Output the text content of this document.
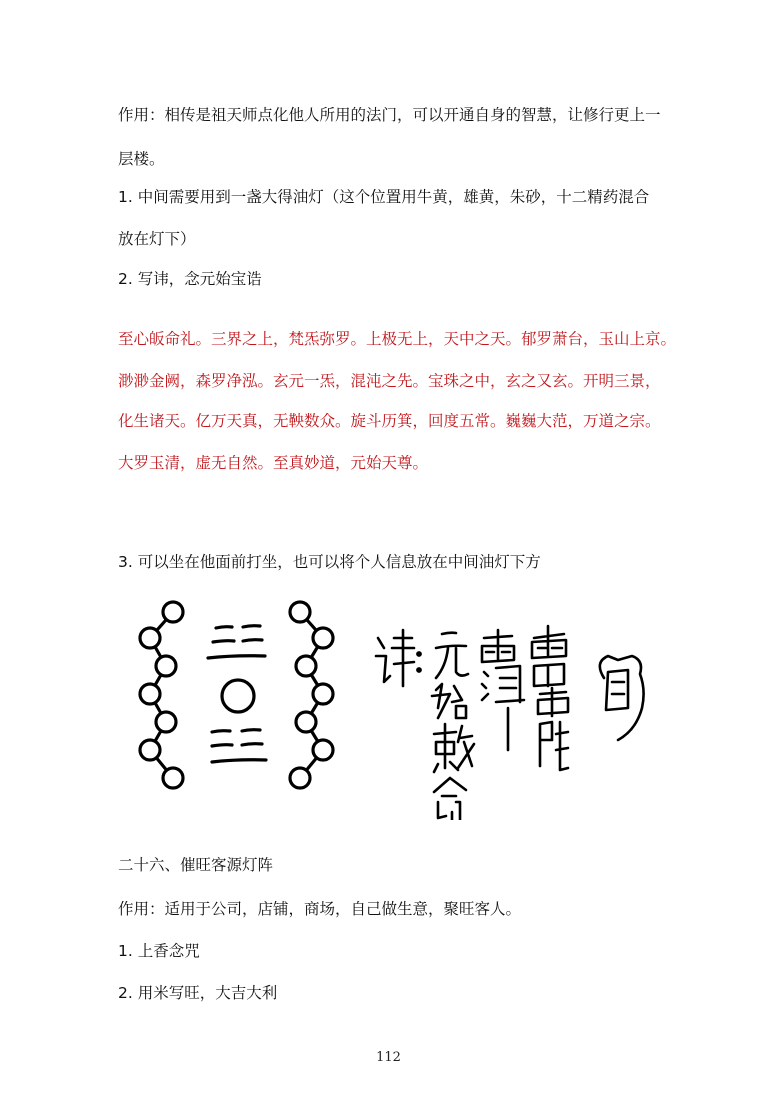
作用：相传是祖天师点化他人所用的法门，可以开通自身的智慧，让修行更上一

层楼。

1. 中间需要用到一盏大得油灯（这个位置用牛黄，雄黄，朱砂，十二精药混合

放在灯下）

2. 写讳，念元始宝诰

至心皈命礼。三界之上，梵炁弥罗。上极无上，天中之天。郁罗萧台，玉山上京。

渺渺金阙，森罗净泓。玄元一炁，混沌之先。宝珠之中，玄之又玄。开明三景，

化生诸天。亿万天真，无鞅数众。旋斗历箕，回度五常。巍巍大范，万道之宗。

大罗玉清，虚无自然。至真妙道，元始天尊。

3. 可以坐在他面前打坐，也可以将个人信息放在中间油灯下方

二十六、催旺客源灯阵

作用：适用于公司，店铺，商场，自己做生意，聚旺客人。

1. 上香念咒

2. 用米写旺，大吉大利

112
